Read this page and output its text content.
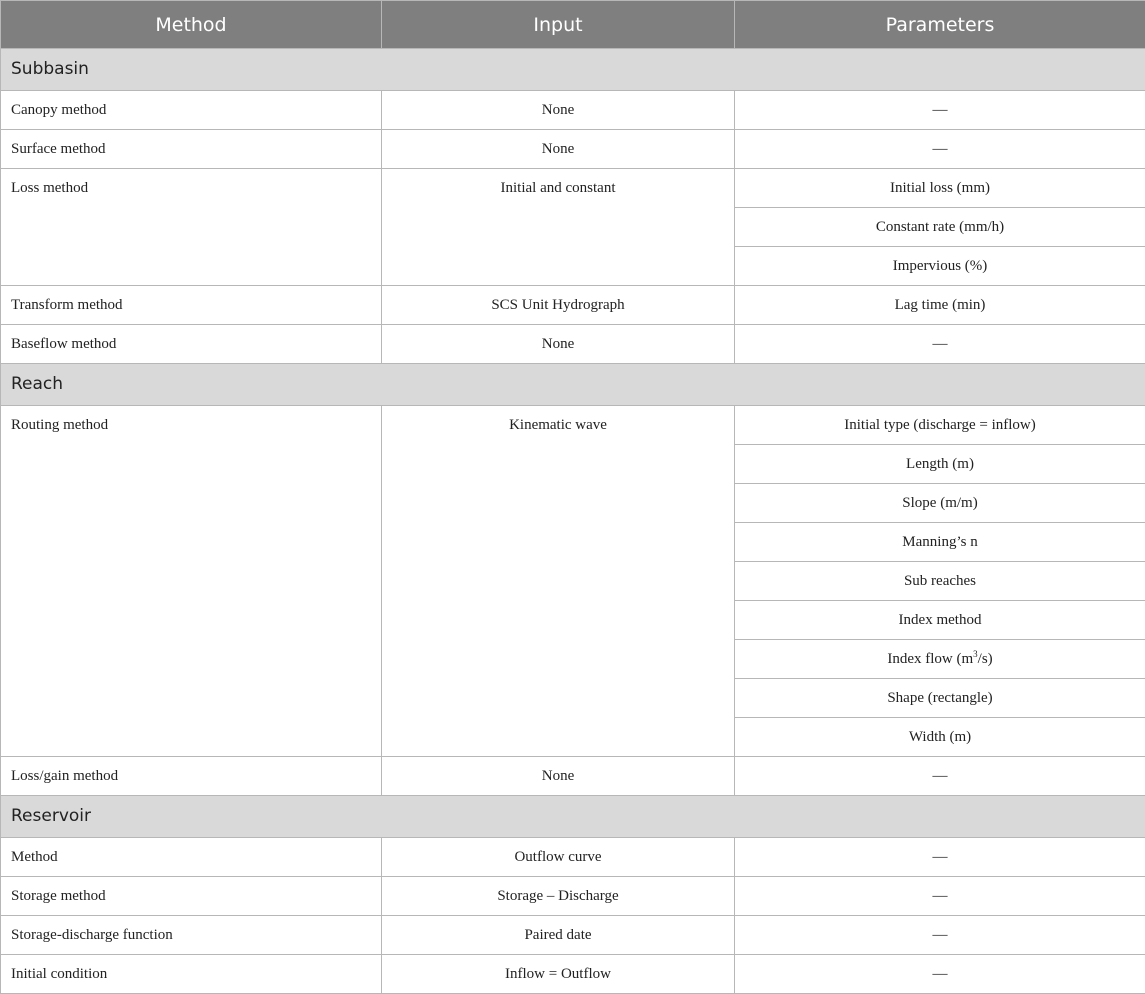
Method	Input	Parameters
Subbasin		
Canopy method	None	—
Surface method	None	—
Loss method	Initial and constant	Initial loss (mm)
		Constant rate (mm/h)
		Impervious (%)
Transform method	SCS Unit Hydrograph	Lag time (min)
Baseflow method	None	—
Reach		
Routing method	Kinematic wave	Initial type (discharge = inflow)
		Length (m)
		Slope (m/m)
		Manning’s n
		Sub reaches
		Index method
		Index flow $(m^3/s)$
		Shape (rectangle)
		Width (m)
Loss/gain method	None	—
Reservoir		
Method	Outflow curve	—
Storage method	Storage – Discharge	—
Storage-discharge function	Paired date	—
Initial condition	Inflow = Outflow	—
